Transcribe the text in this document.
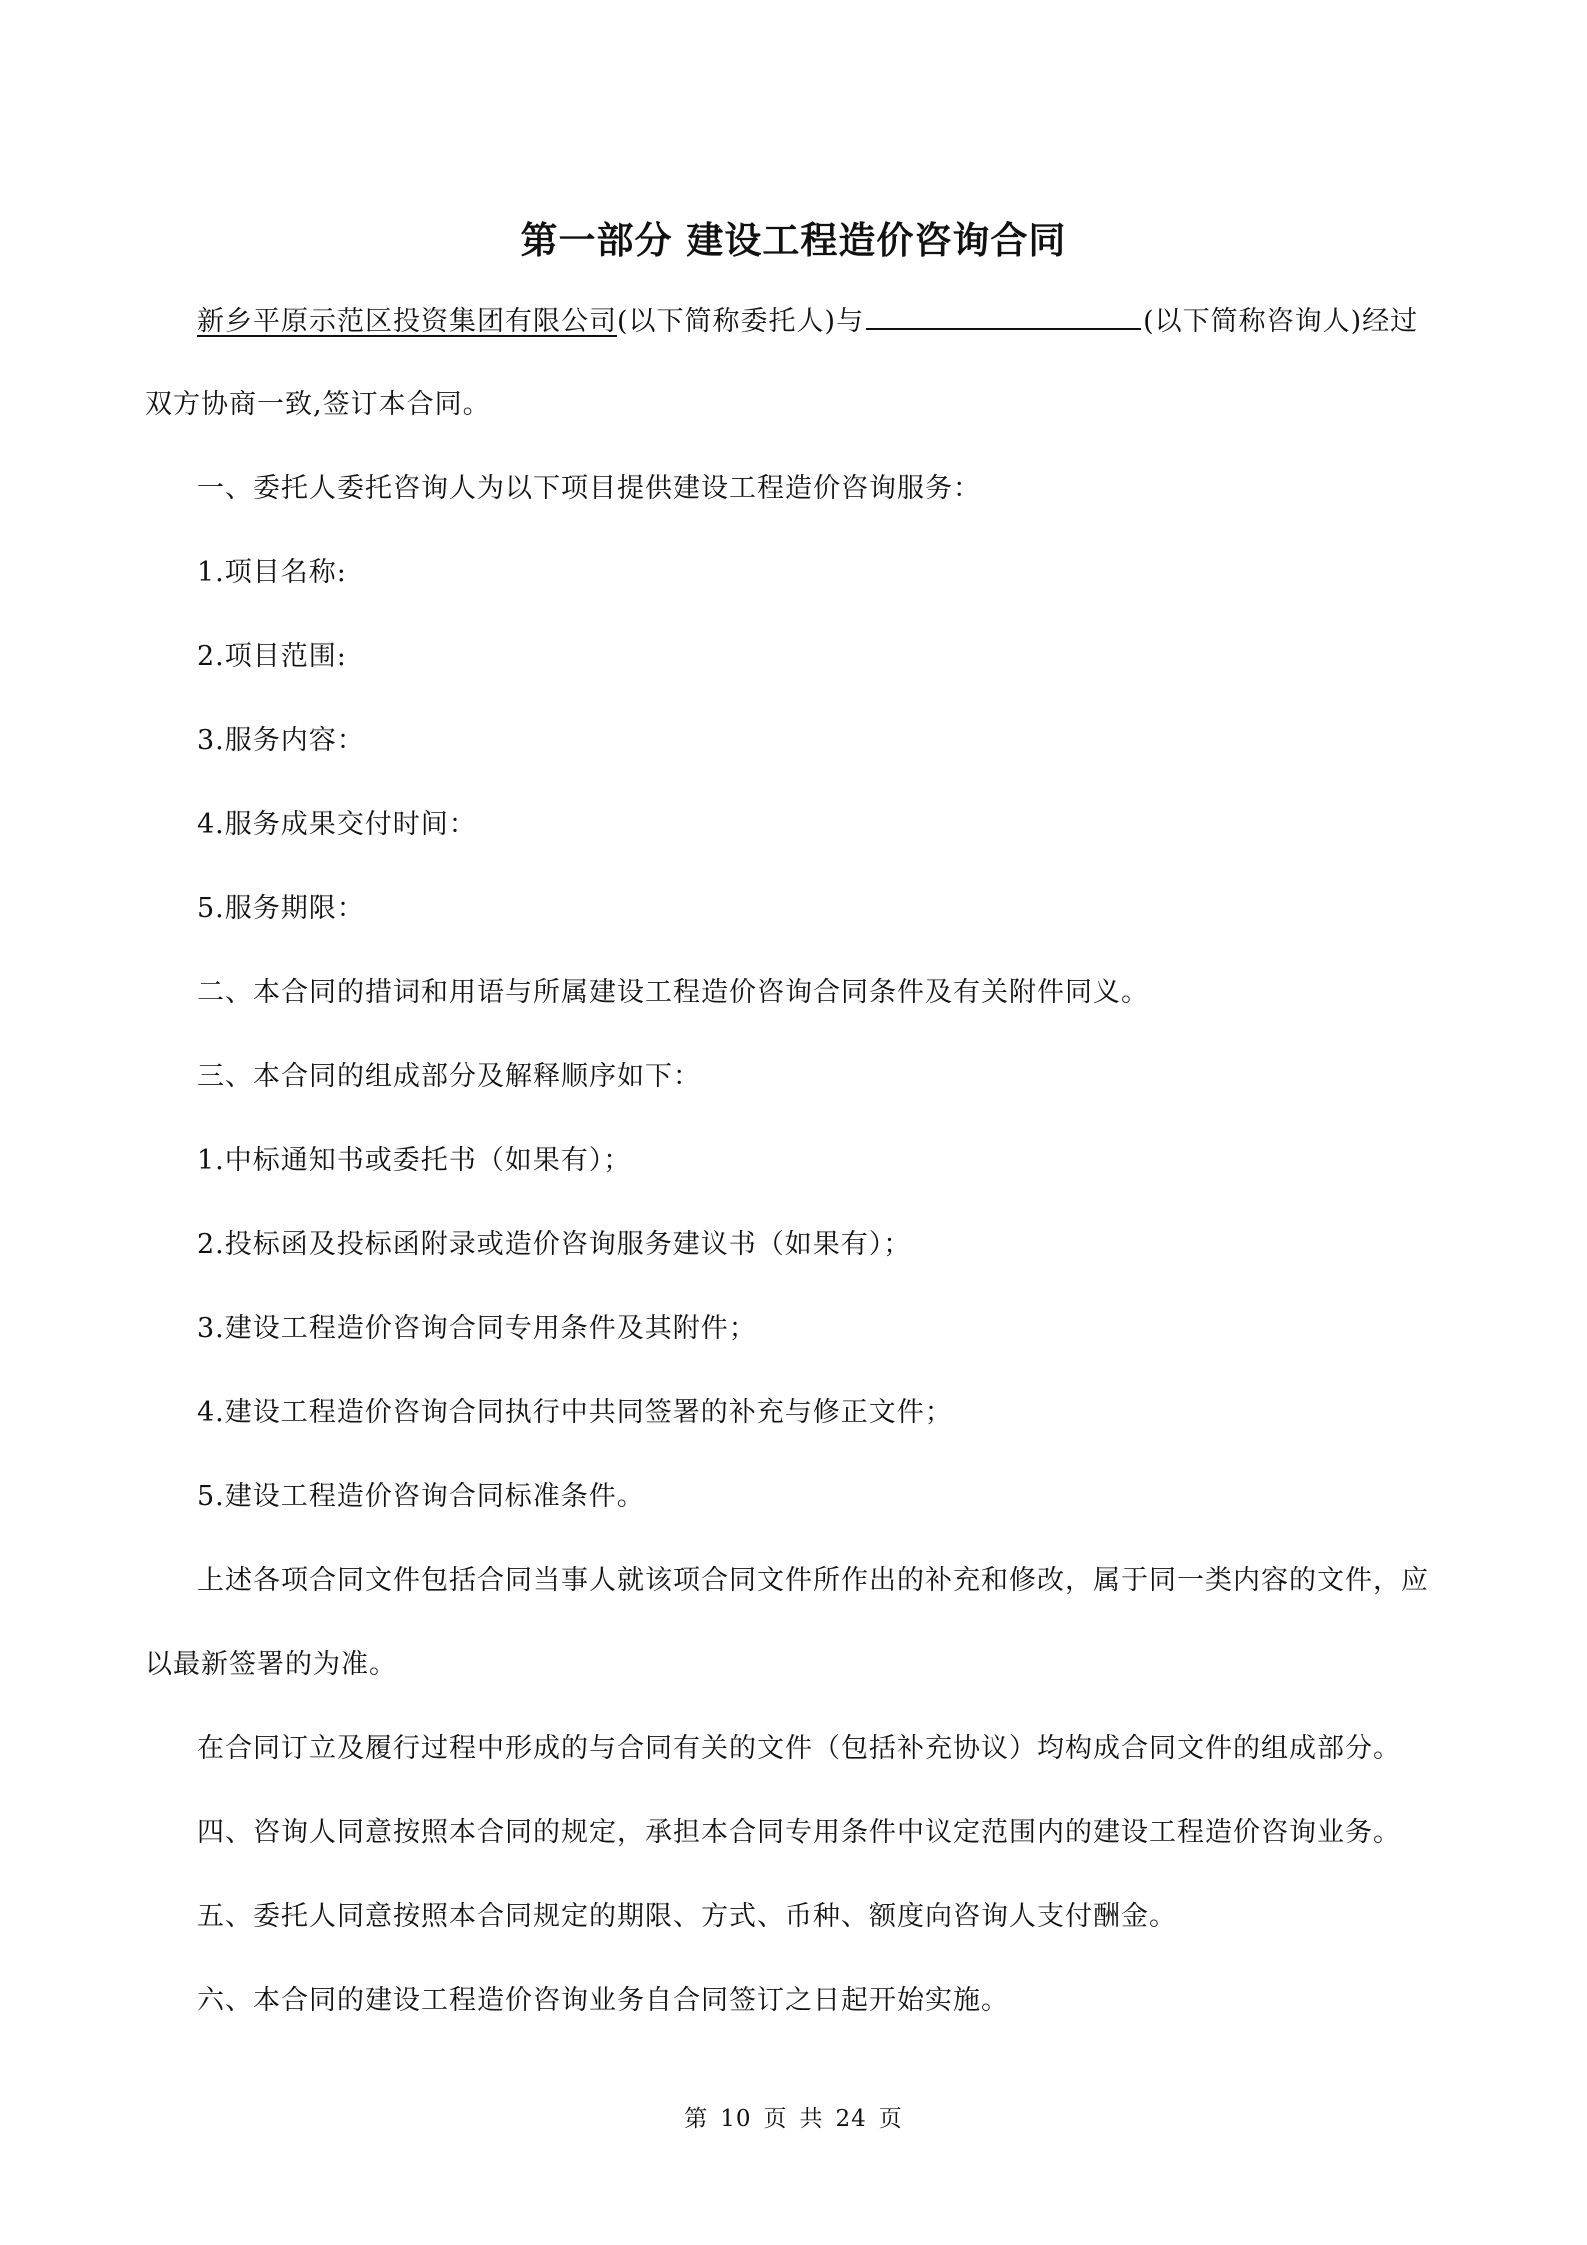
第一部分 建设工程造价咨询合同
新乡平原示范区投资集团有限公司(以下简称委托人)与	(以下简称咨询人)经过
双方协商一致,签订本合同。
一、委托人委托咨询人为以下项目提供建设工程造价咨询服务：
1.项目名称:
2.项目范围:
3.服务内容：
4.服务成果交付时间：
5.服务期限：
二、本合同的措词和用语与所属建设工程造价咨询合同条件及有关附件同义。
三、本合同的组成部分及解释顺序如下：
1.中标通知书或委托书（如果有）；
2.投标函及投标函附录或造价咨询服务建议书（如果有）；
3.建设工程造价咨询合同专用条件及其附件；
4.建设工程造价咨询合同执行中共同签署的补充与修正文件；
5.建设工程造价咨询合同标准条件。
上述各项合同文件包括合同当事人就该项合同文件所作出的补充和修改，属于同一类内容的文件，应
以最新签署的为准。
在合同订立及履行过程中形成的与合同有关的文件（包括补充协议）均构成合同文件的组成部分。
四、咨询人同意按照本合同的规定，承担本合同专用条件中议定范围内的建设工程造价咨询业务。
五、委托人同意按照本合同规定的期限、方式、币种、额度向咨询人支付酬金。
六、本合同的建设工程造价咨询业务自合同签订之日起开始实施。
第 10 页 共 24 页
